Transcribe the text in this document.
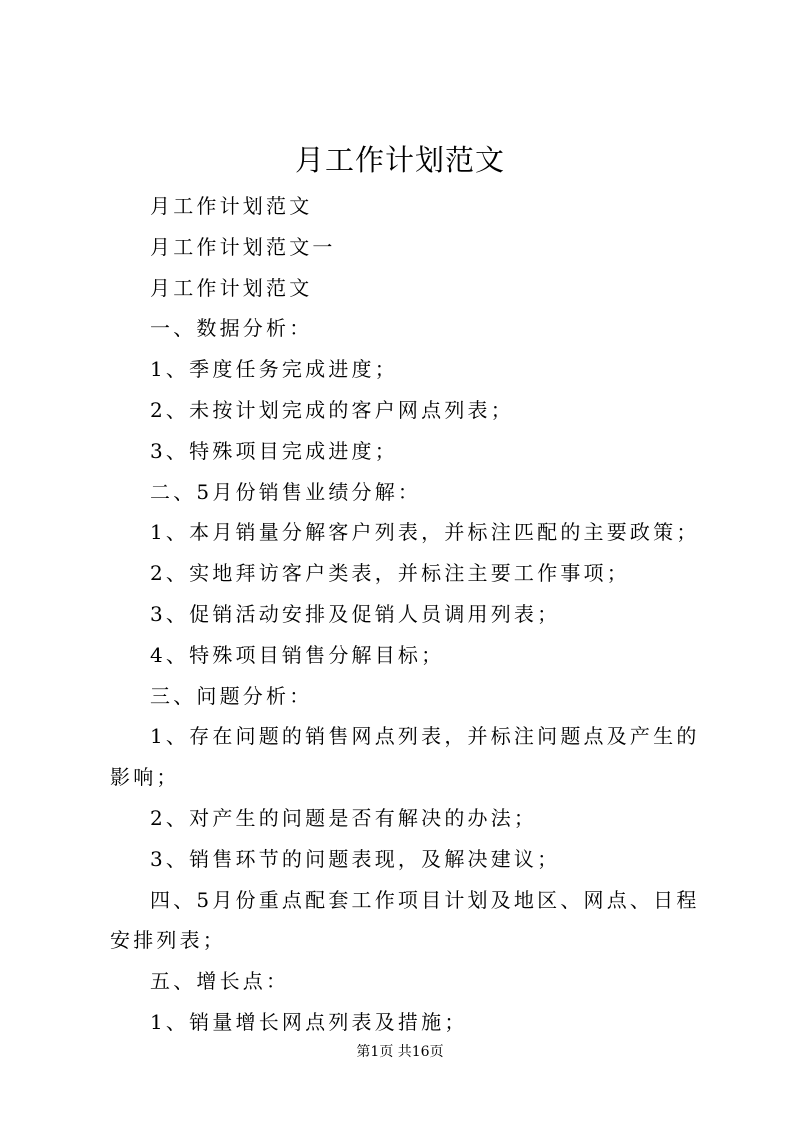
月工作计划范文

月工作计划范文

月工作计划范文一

月工作计划范文

一、数据分析：

1、季度任务完成进度；

2、未按计划完成的客户网点列表；

3、特殊项目完成进度；

二、5月份销售业绩分解：

1、本月销量分解客户列表，并标注匹配的主要政策；

2、实地拜访客户类表，并标注主要工作事项；

3、促销活动安排及促销人员调用列表；

4、特殊项目销售分解目标；

三、问题分析：

1、存在问题的销售网点列表，并标注问题点及产生的影响；

2、对产生的问题是否有解决的办法；

3、销售环节的问题表现，及解决建议；

四、5月份重点配套工作项目计划及地区、网点、日程安排列表；

五、增长点：

1、销量增长网点列表及措施；

第1页 共16页
